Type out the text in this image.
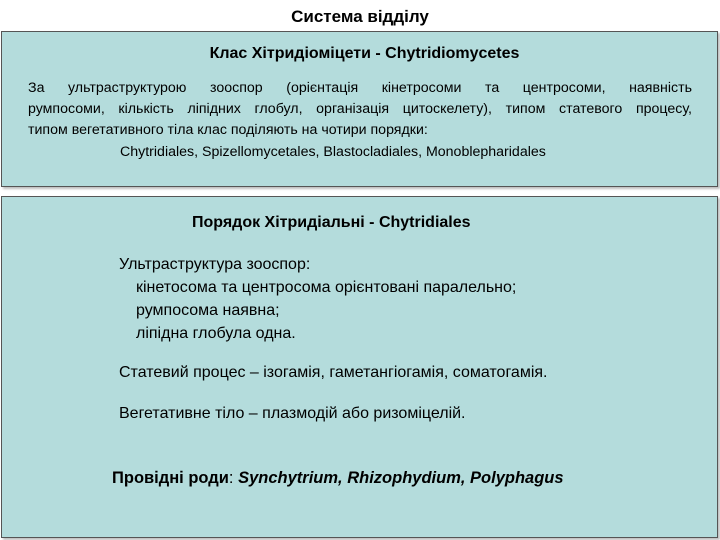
Система відділу
Клас Хітридіоміцети - Chytridiomycetes

За ультраструктурою зооспор (орієнтація кінетросоми та центросоми, наявність

румпосоми, кількість ліпідних глобул, організація цитоскелету), типом статевого процесу,

типом вегетативного тіла клас поділяють на чотири порядки:

Chytridiales, Spizellomycetales, Blastocladiales, Monoblepharidales
Порядок Хітридіальні - Chytridiales
Ультраструктура зооспор:
кінетосома та центросома орієнтовані паралельно;
румпосома наявна;
ліпідна глобула одна.
Статевий процес – ізогамія, гаметангіогамія, соматогамія.
Вегетативне тіло – плазмодій або ризоміцелій.
Провідні роди: Synchytrium, Rhizophydium, Polyphagus
